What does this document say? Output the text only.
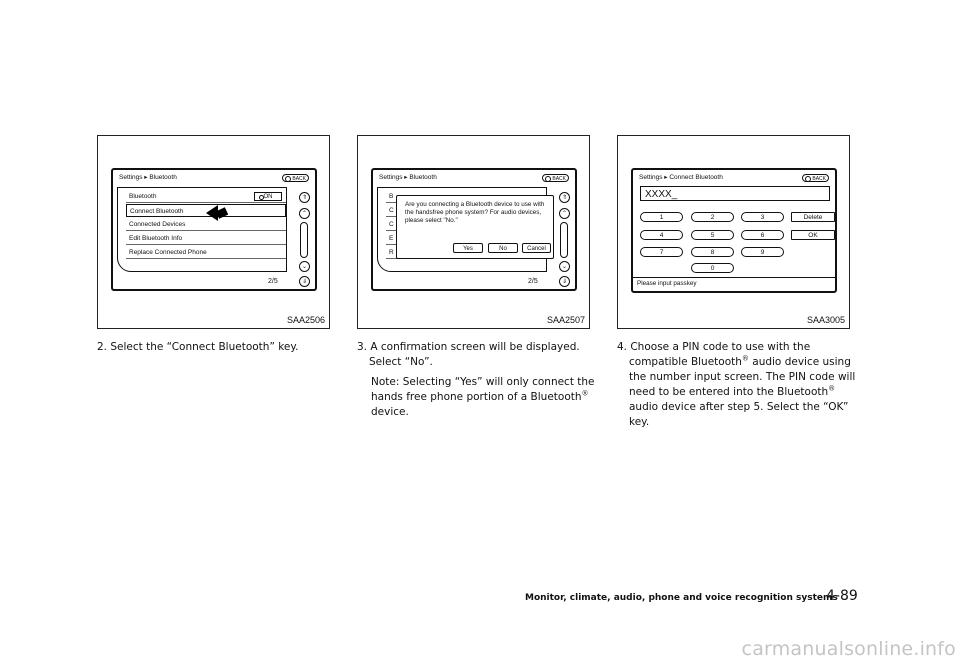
Settings ▸ Bluetooth	BACK
Bluetooth	ON
Connect Bluetooth
Connected Devices
Edit Bluetooth Info
Replace Connected Phone
⇑
⌃
⌄
⇓
2/5
SAA2506
Settings ▸ Bluetooth	BACK
B
C
C
E
R
Are you connecting a Bluetooth device to use with the handsfree phone system? For audio devices, please select "No."
Yes	No	Cancel
⇑
⌃
⌄
⇓
2/5
SAA2507
Settings ▸ Connect Bluetooth	BACK
XXXX_
1	2	3	Delete
4	5	6	OK
7	8	9
0
Please input passkey
SAA3005

2. Select the “Connect Bluetooth” key.	3. A confirmation screen will be displayed. Select “No”.

Note: Selecting “Yes” will only connect the hands free phone portion of a Bluetooth® device.

4. Choose a PIN code to use with the compatible Bluetooth® audio device using the number input screen. The PIN code will need to be entered into the Bluetooth® audio device after step 5. Select the “OK” key.

Monitor, climate, audio, phone and voice recognition systems
4-89
carmanualsonline.info
